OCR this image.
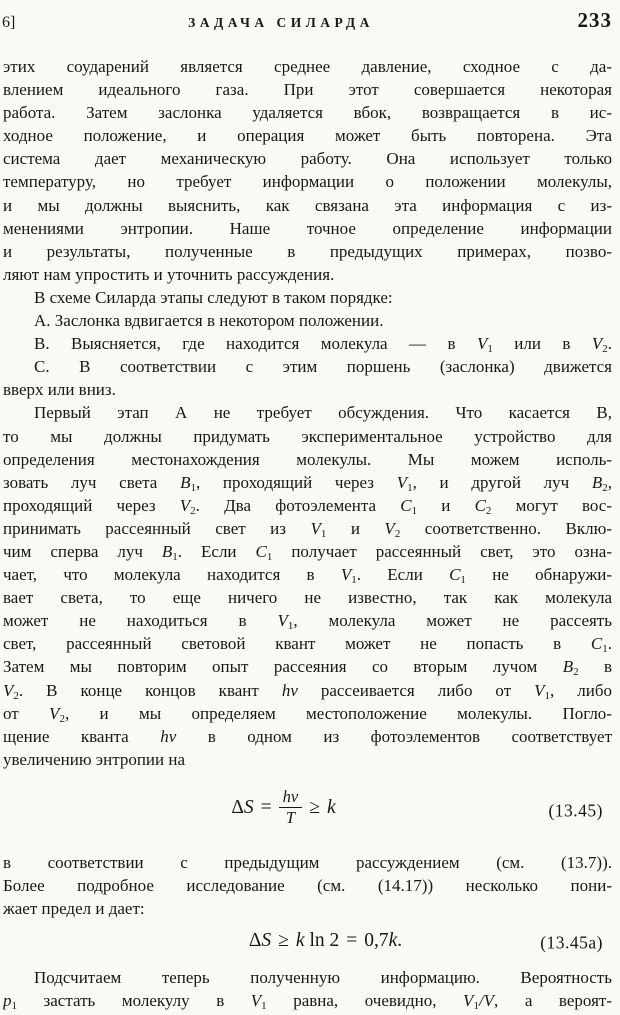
6]	ЗАДАЧА СИЛАРДА	233
этих соударений является среднее давление, сходное с да-
влением идеального газа. При этот совершается некоторая
работа. Затем заслонка удаляется вбок, возвращается в ис-
ходное положение, и операция может быть повторена. Эта
система дает механическую работу. Она использует только
температуру, но требует информации о положении молекулы,
и мы должны выяснить, как связана эта информация с из-
менениями энтропии. Наше точное определение информации
и результаты, полученные в предыдущих примерах, позво-
ляют нам упростить и уточнить рассуждения.
В схеме Силарда этапы следуют в таком порядке:
А. Заслонка вдвигается в некотором положении.
В. Выясняется, где находится молекула — в $V_1$ или в $V_2$.
С. В соответствии с этим поршень (заслонка) движется
вверх или вниз.
Первый этап А не требует обсуждения. Что касается В,
то мы должны придумать экспериментальное устройство для
определения местонахождения молекулы. Мы можем исполь-
зовать луч света $B_1$, проходящий через $V_1$, и другой луч $B_2$,
проходящий через $V_2$. Два фотоэлемента $C_1$ и $C_2$ могут вос-
принимать рассеянный свет из $V_1$ и $V_2$ соответственно. Вклю-
чим сперва луч $B_1$. Если $C_1$ получает рассеянный свет, это озна-
чает, что молекула находится в $V_1$. Если $C_1$ не обнаружи-
вает света, то еще ничего не известно, так как молекула
может не находиться в $V_1$, молекула может не рассеять
свет, рассеянный световой квант может не попасть в $C_1$.
Затем мы повторим опыт рассеяния со вторым лучом $B_2$ в
$V_2$. В конце концов квант hν рассеивается либо от $V_1$, либо
от $V_2$, и мы определяем местоположение молекулы. Погло-
щение кванта hν в одном из фотоэлементов соответствует
увеличению энтропии на
Δ $S = \frac{h\nu}{T} \ge k$	(13.45)
в соответствии с предыдущим рассуждением (см. (13.7)).
Более подробное исследование (см. (14.17)) несколько пони-
жает предел и дает:
Δ S ≥ k ln 2 = 0,7 k .	(13.45a)
Подсчитаем теперь полученную информацию. Вероятность
$p_1$ застать молекулу в $V_1$ равна, очевидно, $V_1/V$, а вероят-
